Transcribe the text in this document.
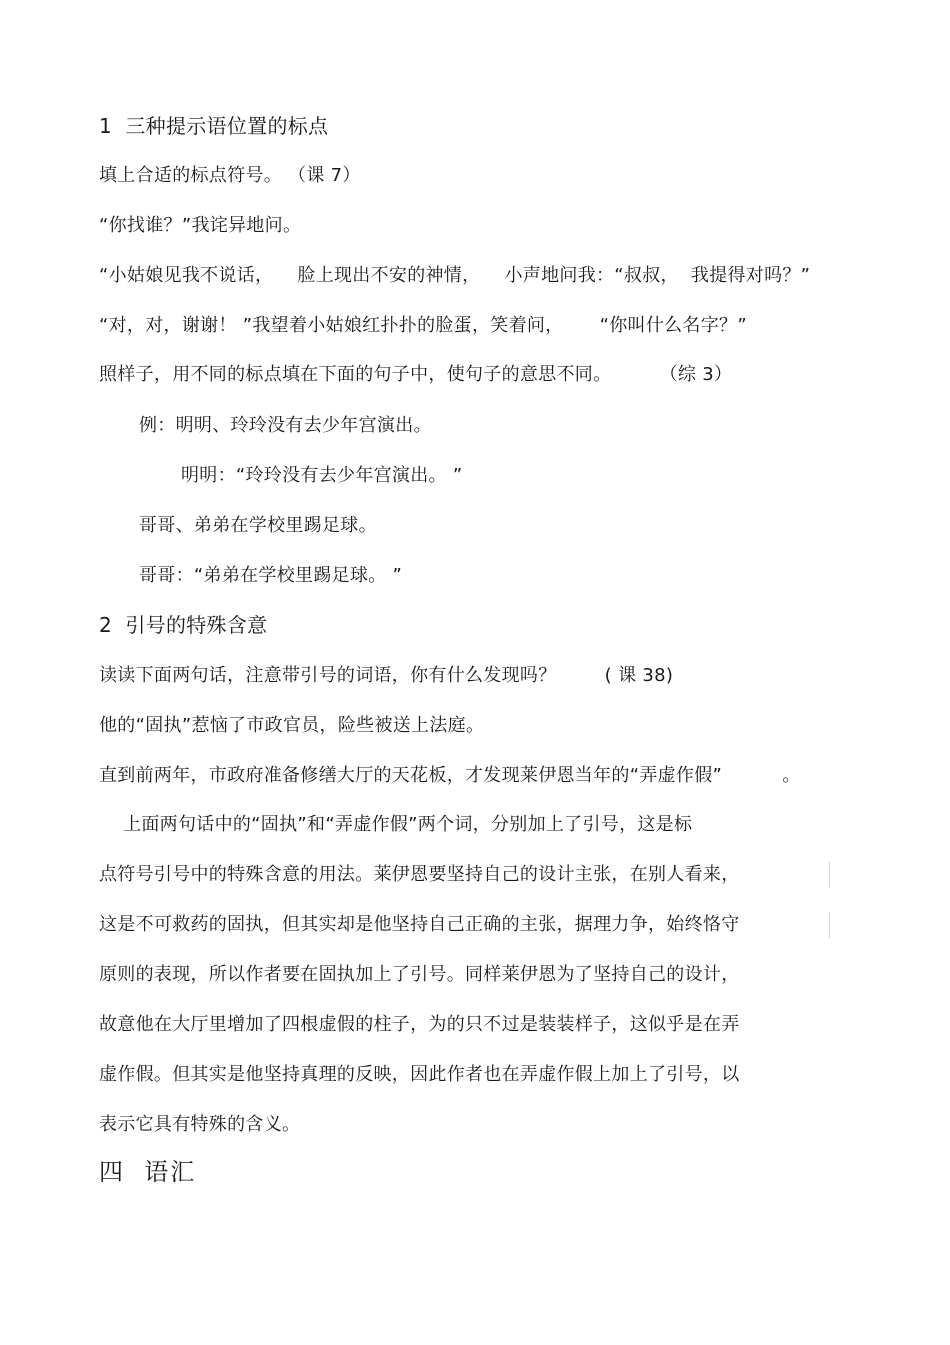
1  三种提示语位置的标点
填上合适的标点符号。 （课 7）
“你找谁？”我诧异地问。
“小姑娘见我不说话，    脸上现出不安的神情，    小声地问我：“叔叔，  我提得对吗？”
“对，对，谢谢！ ”我望着小姑娘红扑扑的脸蛋，笑着问，      “你叫什么名字？”
照样子，用不同的标点填在下面的句子中，使句子的意思不同。        （综 3）
例：明明、玲玲没有去少年宫演出。
明明：“玲玲没有去少年宫演出。 ”
哥哥、弟弟在学校里踢足球。
哥哥：“弟弟在学校里踢足球。 ”
2  引号的特殊含意
读读下面两句话，注意带引号的词语，你有什么发现吗？        ( 课 38)
他的“固执”惹恼了市政官员，险些被送上法庭。
直到前两年，市政府准备修缮大厅的天花板，才发现莱伊恩当年的“弄虚作假”          。
上面两句话中的“固执”和“弄虚作假”两个词，分别加上了引号，这是标
点符号引号中的特殊含意的用法。莱伊恩要坚持自己的设计主张，在别人看来，
这是不可救药的固执，但其实却是他坚持自己正确的主张，据理力争，始终恪守
原则的表现，所以作者要在固执加上了引号。同样莱伊恩为了坚持自己的设计，
故意他在大厅里增加了四根虚假的柱子，为的只不过是装装样子，这似乎是在弄
虚作假。但其实是他坚持真理的反映，因此作者也在弄虚作假上加上了引号，以
表示它具有特殊的含义。
四  语汇
